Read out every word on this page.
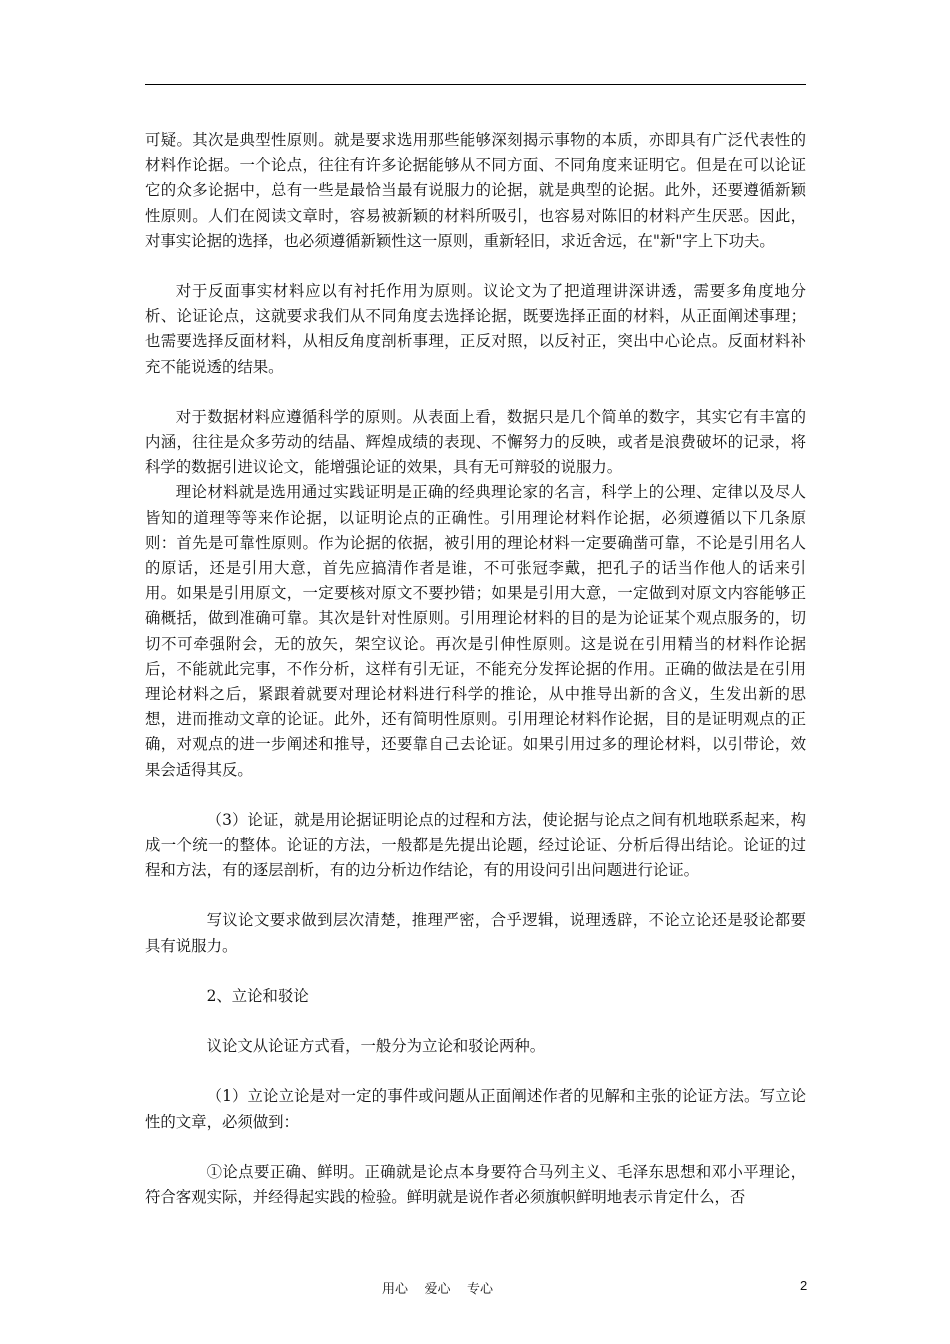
可疑。其次是典型性原则。就是要求选用那些能够深刻揭示事物的本质，亦即具有广泛代表性的材料作论据。一个论点，往往有许多论据能够从不同方面、不同角度来证明它。但是在可以论证它的众多论据中，总有一些是最恰当最有说服力的论据，就是典型的论据。此外，还要遵循新颖性原则。人们在阅读文章时，容易被新颖的材料所吸引，也容易对陈旧的材料产生厌恶。因此，对事实论据的选择，也必须遵循新颖性这一原则，重新轻旧，求近舍远，在"新"字上下功夫。

对于反面事实材料应以有衬托作用为原则。议论文为了把道理讲深讲透，需要多角度地分析、论证论点，这就要求我们从不同角度去选择论据，既要选择正面的材料，从正面阐述事理；也需要选择反面材料，从相反角度剖析事理，正反对照，以反衬正，突出中心论点。反面材料补充不能说透的结果。

对于数据材料应遵循科学的原则。从表面上看，数据只是几个简单的数字，其实它有丰富的内涵，往往是众多劳动的结晶、辉煌成绩的表现、不懈努力的反映，或者是浪费破坏的记录，将科学的数据引进议论文，能增强论证的效果，具有无可辩驳的说服力。

理论材料就是选用通过实践证明是正确的经典理论家的名言，科学上的公理、定律以及尽人皆知的道理等等来作论据，以证明论点的正确性。引用理论材料作论据，必须遵循以下几条原则：首先是可靠性原则。作为论据的依据，被引用的理论材料一定要确凿可靠，不论是引用名人的原话，还是引用大意，首先应搞清作者是谁，不可张冠李戴，把孔子的话当作他人的话来引用。如果是引用原文，一定要核对原文不要抄错；如果是引用大意，一定做到对原文内容能够正确概括，做到准确可靠。其次是针对性原则。引用理论材料的目的是为论证某个观点服务的，切切不可牵强附会，无的放矢，架空议论。再次是引伸性原则。这是说在引用精当的材料作论据后，不能就此完事，不作分析，这样有引无证，不能充分发挥论据的作用。正确的做法是在引用理论材料之后，紧跟着就要对理论材料进行科学的推论，从中推导出新的含义，生发出新的思想，进而推动文章的论证。此外，还有简明性原则。引用理论材料作论据，目的是证明观点的正确，对观点的进一步阐述和推导，还要靠自己去论证。如果引用过多的理论材料，以引带论，效果会适得其反。

（3）论证，就是用论据证明论点的过程和方法，使论据与论点之间有机地联系起来，构成一个统一的整体。论证的方法，一般都是先提出论题，经过论证、分析后得出结论。论证的过程和方法，有的逐层剖析，有的边分析边作结论，有的用设问引出问题进行论证。

写议论文要求做到层次清楚，推理严密，合乎逻辑，说理透辟，不论立论还是驳论都要具有说服力。

2、立论和驳论

议论文从论证方式看，一般分为立论和驳论两种。

（1）立论立论是对一定的事件或问题从正面阐述作者的见解和主张的论证方法。写立论性的文章，必须做到：

①论点要正确、鲜明。正确就是论点本身要符合马列主义、毛泽东思想和邓小平理论，符合客观实际，并经得起实践的检验。鲜明就是说作者必须旗帜鲜明地表示肯定什么，否

用心    爱心    专心	2
